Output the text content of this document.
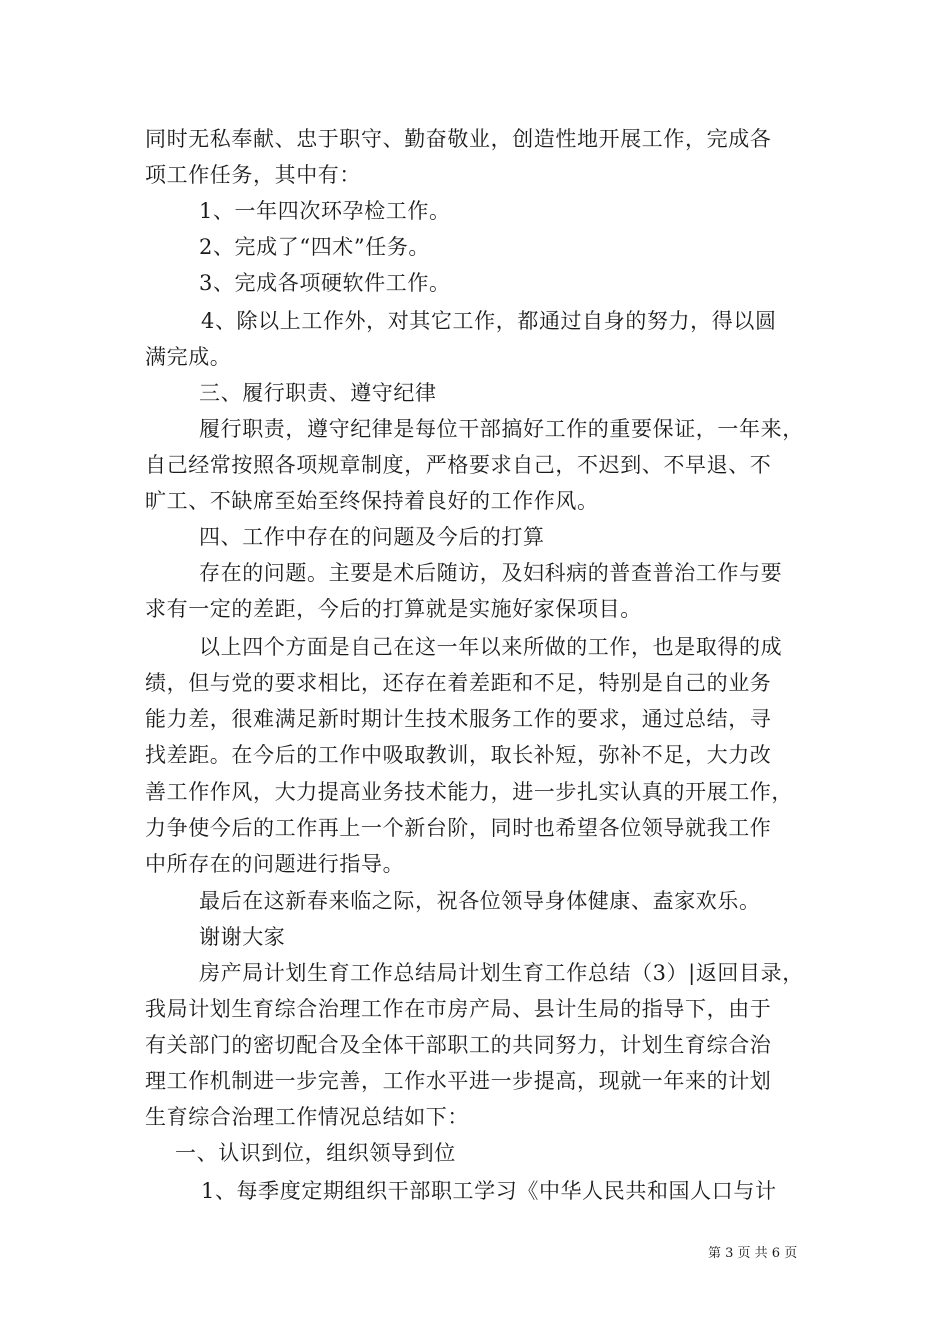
同时无私奉献、忠于职守、勤奋敬业，创造性地开展工作，完成各
项工作任务，其中有：
1、一年四次环孕检工作。
2、完成了“四术”任务。
3、完成各项硬软件工作。
4、除以上工作外，对其它工作，都通过自身的努力，得以圆
满完成。
三、履行职责、遵守纪律
履行职责，遵守纪律是每位干部搞好工作的重要保证，一年来，
自己经常按照各项规章制度，严格要求自己，不迟到、不早退、不
旷工、不缺席至始至终保持着良好的工作作风。
四、工作中存在的问题及今后的打算
存在的问题。主要是术后随访，及妇科病的普查普治工作与要
求有一定的差距，今后的打算就是实施好家保项目。
以上四个方面是自己在这一年以来所做的工作，也是取得的成
绩，但与党的要求相比，还存在着差距和不足，特别是自己的业务
能力差，很难满足新时期计生技术服务工作的要求，通过总结，寻
找差距。在今后的工作中吸取教训，取长补短，弥补不足，大力改
善工作作风，大力提高业务技术能力，进一步扎实认真的开展工作，
力争使今后的工作再上一个新台阶，同时也希望各位领导就我工作
中所存在的问题进行指导。
最后在这新春来临之际，祝各位领导身体健康、盍家欢乐。
谢谢大家
房产局计划生育工作总结局计划生育工作总结（3）|返回目录，
我局计划生育综合治理工作在市房产局、县计生局的指导下，由于
有关部门的密切配合及全体干部职工的共同努力，计划生育综合治
理工作机制进一步完善，工作水平进一步提高，现就一年来的计划
生育综合治理工作情况总结如下：
一、认识到位，组织领导到位
1、每季度定期组织干部职工学习《中华人民共和国人口与计
第 3 页 共 6 页
